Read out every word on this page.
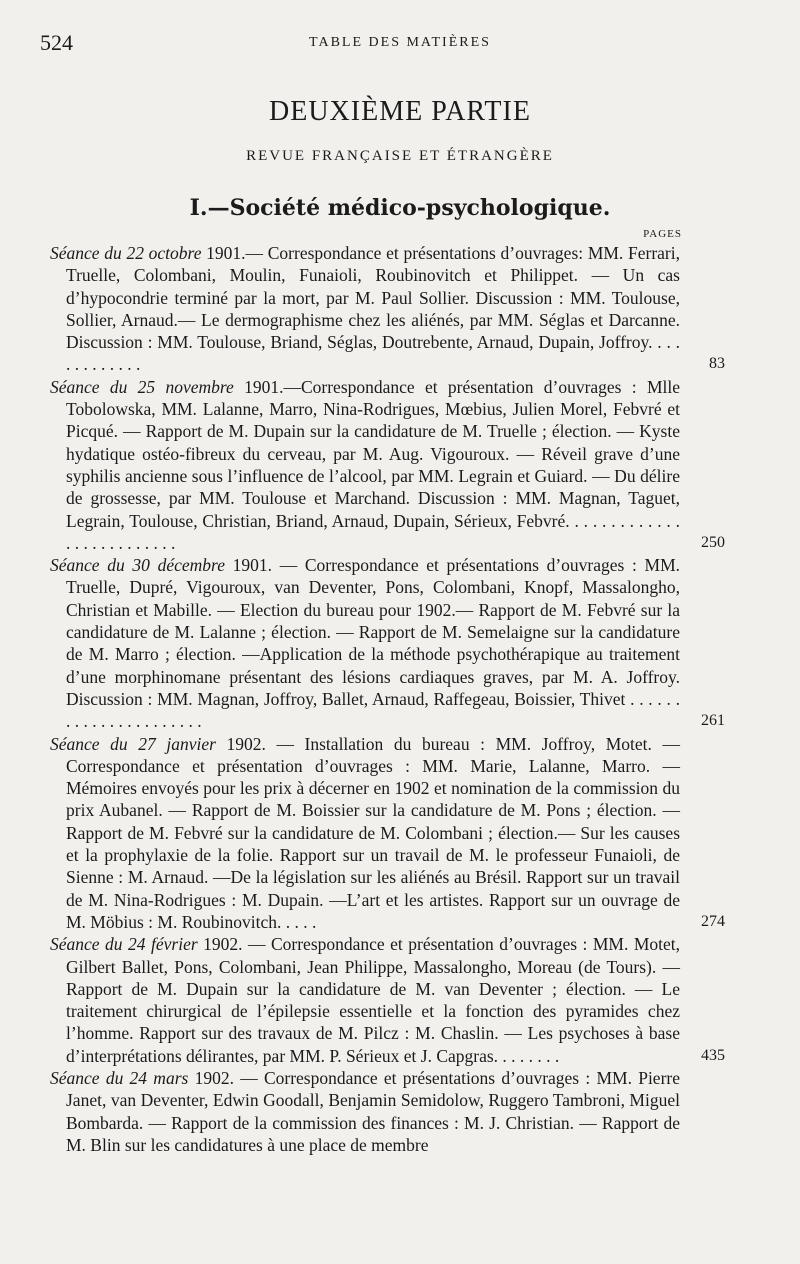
524	TABLE DES MATIÈRES
DEUXIÈME PARTIE
REVUE FRANÇAISE ET ÉTRANGÈRE
I.—Société médico-psychologique.
PAGES
Séance du 22 octobre 1901.— Correspondance et présentations d’ouvrages: MM. Ferrari, Truelle, Colombani, Moulin, Funaioli, Roubinovitch et Philippet. — Un cas d’hypocondrie terminé par la mort, par M. Paul Sollier. Discussion : MM. Toulouse, Sollier, Arnaud.— Le dermographisme chez les aliénés, par MM. Séglas et Darcanne. Discussion : MM. Toulouse, Briand, Séglas, Doutrebente, Arnaud, Dupain, Joffroy. . . . . . . . . . . . .	83
Séance du 25 novembre 1901.—Correspondance et présentation d’ouvrages : Mlle Tobolowska, MM. Lalanne, Marro, Nina-Rodrigues, Mœbius, Julien Morel, Febvré et Picqué. — Rapport de M. Dupain sur la candidature de M. Truelle ; élection. — Kyste hydatique ostéo-fibreux du cerveau, par M. Aug. Vigouroux. — Réveil grave d’une syphilis ancienne sous l’influence de l’alcool, par MM. Legrain et Guiard. — Du délire de grossesse, par MM. Toulouse et Marchand. Discussion : MM. Magnan, Taguet, Legrain, Toulouse, Christian, Briand, Arnaud, Dupain, Sérieux, Febvré. . . . . . . . . . . . . . . . . . . . . . . . . .	250
Séance du 30 décembre 1901. — Correspondance et présentations d’ouvrages : MM. Truelle, Dupré, Vigouroux, van Deventer, Pons, Colombani, Knopf, Massalongho, Christian et Mabille. — Election du bureau pour 1902.— Rapport de M. Febvré sur la candidature de M. Lalanne ; élection. — Rapport de M. Semelaigne sur la candidature de M. Marro ; élection. —Application de la méthode psychothérapique au traitement d’une morphinomane présentant des lésions cardiaques graves, par M. A. Joffroy. Discussion : MM. Magnan, Joffroy, Ballet, Arnaud, Raffegeau, Boissier, Thivet . . . . . . . . . . . . . . . . . . . . . .	261
Séance du 27 janvier 1902. — Installation du bureau : MM. Joffroy, Motet. —Correspondance et présentation d’ouvrages : MM. Marie, Lalanne, Marro. — Mémoires envoyés pour les prix à décerner en 1902 et nomination de la commission du prix Aubanel. — Rapport de M. Boissier sur la candidature de M. Pons ; élection. — Rapport de M. Febvré sur la candidature de M. Colombani ; élection.— Sur les causes et la prophylaxie de la folie. Rapport sur un travail de M. le professeur Funaioli, de Sienne : M. Arnaud. —De la législation sur les aliénés au Brésil. Rapport sur un travail de M. Nina-Rodrigues : M. Dupain. —L’art et les artistes. Rapport sur un ouvrage de M. Möbius : M. Roubinovitch. . . . .	274
Séance du 24 février 1902. — Correspondance et présentation d’ouvrages : MM. Motet, Gilbert Ballet, Pons, Colombani, Jean Philippe, Massalongho, Moreau (de Tours). — Rapport de M. Dupain sur la candidature de M. van Deventer ; élection. — Le traitement chirurgical de l’épilepsie essentielle et la fonction des pyramides chez l’homme. Rapport sur des travaux de M. Pilcz : M. Chaslin. — Les psychoses à base d’interprétations délirantes, par MM. P. Sérieux et J. Capgras. . . . . . . .	435
Séance du 24 mars 1902. — Correspondance et présentations d’ouvrages : MM. Pierre Janet, van Deventer, Edwin Goodall, Benjamin Semidolow, Ruggero Tambroni, Miguel Bombarda. — Rapport de la commission des finances : M. J. Christian. — Rapport de M. Blin sur les candidatures à une place de membre
